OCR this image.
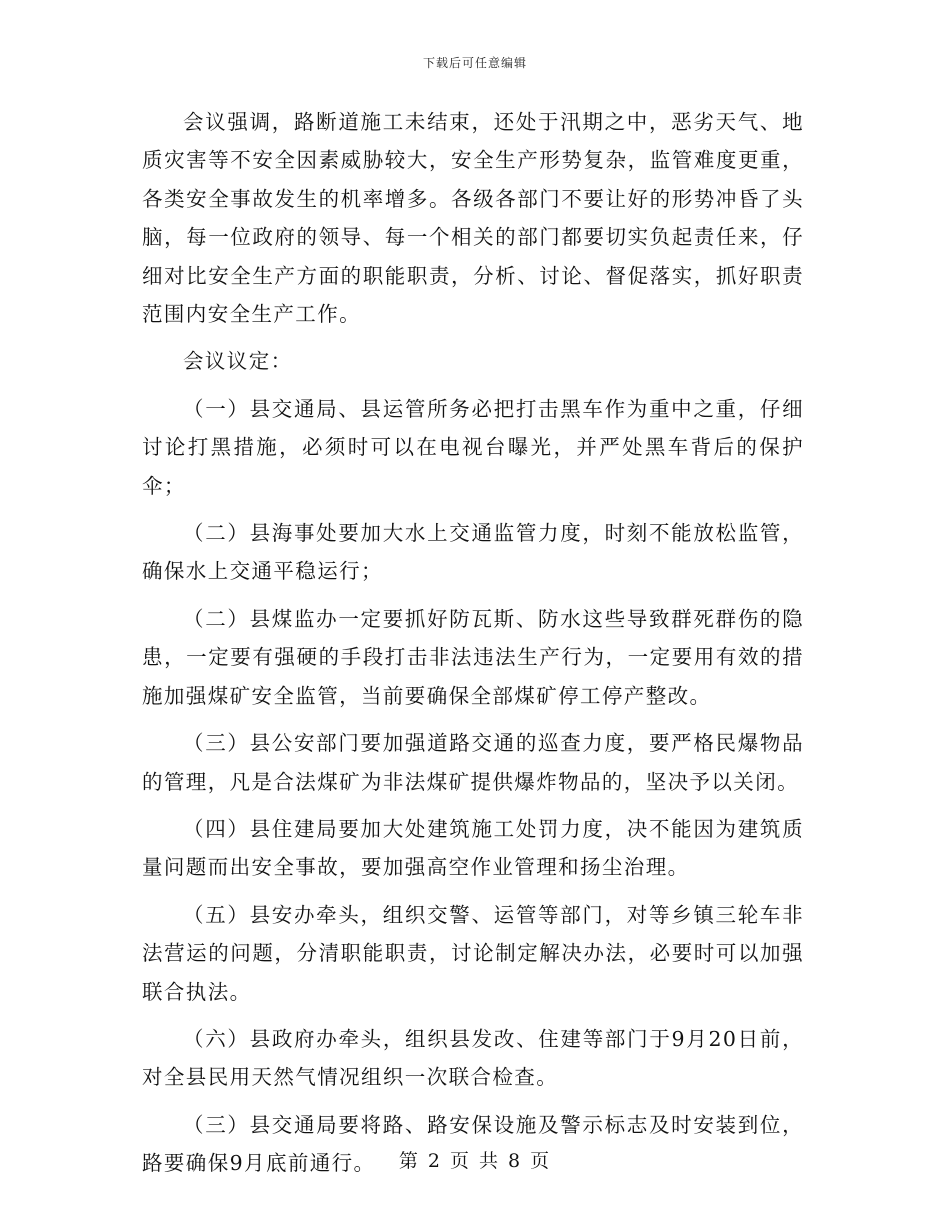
下载后可任意编辑

会议强调，路断道施工未结束，还处于汛期之中，恶劣天气、地质灾害等不安全因素威胁较大，安全生产形势复杂，监管难度更重，各类安全事故发生的机率增多。各级各部门不要让好的形势冲昏了头脑，每一位政府的领导、每一个相关的部门都要切实负起责任来，仔细对比安全生产方面的职能职责，分析、讨论、督促落实，抓好职责范围内安全生产工作。

会议议定：

（一）县交通局、县运管所务必把打击黑车作为重中之重，仔细讨论打黑措施，必须时可以在电视台曝光，并严处黑车背后的保护伞；

（二）县海事处要加大水上交通监管力度，时刻不能放松监管，确保水上交通平稳运行；

（二）县煤监办一定要抓好防瓦斯、防水这些导致群死群伤的隐患，一定要有强硬的手段打击非法违法生产行为，一定要用有效的措施加强煤矿安全监管，当前要确保全部煤矿停工停产整改。

（三）县公安部门要加强道路交通的巡查力度，要严格民爆物品的管理，凡是合法煤矿为非法煤矿提供爆炸物品的，坚决予以关闭。

（四）县住建局要加大处建筑施工处罚力度，决不能因为建筑质量问题而出安全事故，要加强高空作业管理和扬尘治理。

（五）县安办牵头，组织交警、运管等部门，对等乡镇三轮车非法营运的问题，分清职能职责，讨论制定解决办法，必要时可以加强联合执法。

（六）县政府办牵头，组织县发改、住建等部门于9月20日前，对全县民用天然气情况组织一次联合检查。

（三）县交通局要将路、路安保设施及警示标志及时安装到位，路要确保9月底前通行。	第 2 页 共 8 页
